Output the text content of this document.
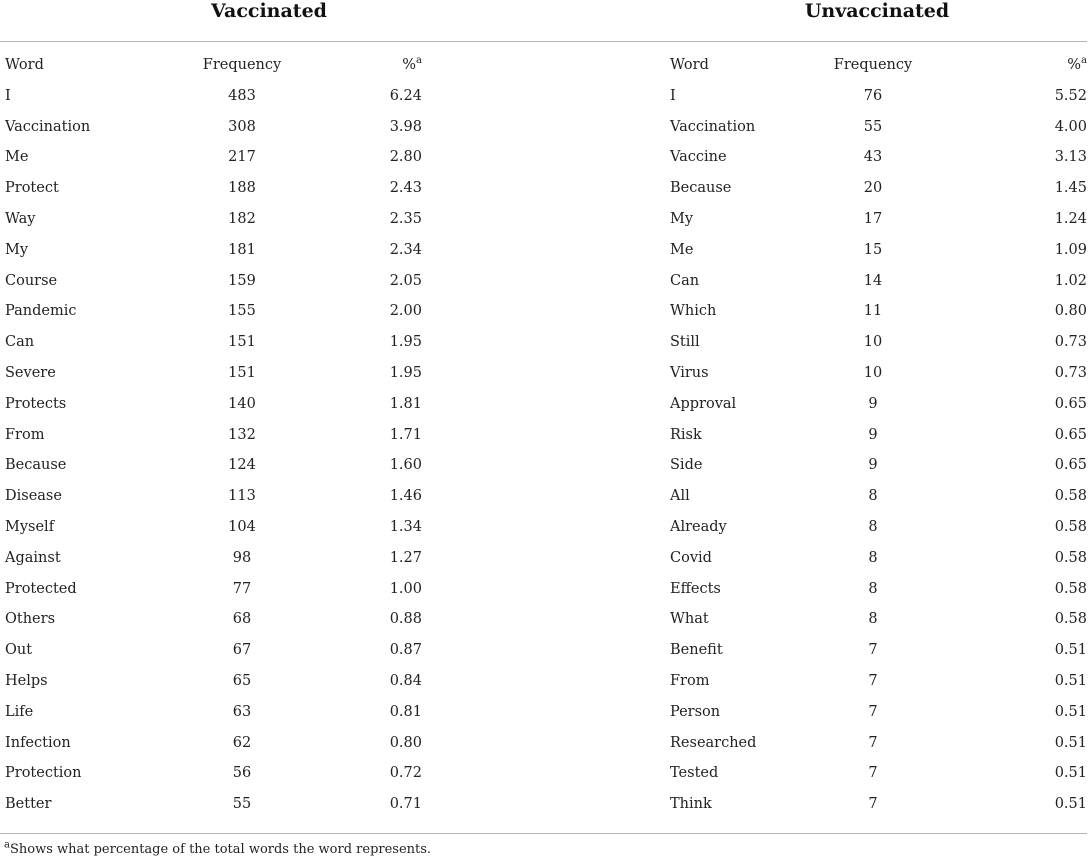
Vaccinated	Unvaccinated
Word	Frequency	%$^a$
I	483	6.24
Vaccination	308	3.98
Me	217	2.80
Protect	188	2.43
Way	182	2.35
My	181	2.34
Course	159	2.05
Pandemic	155	2.00
Can	151	1.95
Severe	151	1.95
Protects	140	1.81
From	132	1.71
Because	124	1.60
Disease	113	1.46
Myself	104	1.34
Against	98	1.27
Protected	77	1.00
Others	68	0.88
Out	67	0.87
Helps	65	0.84
Life	63	0.81
Infection	62	0.80
Protection	56	0.72
Better	55	0.71
Word	Frequency	%$^a$
I	76	5.52
Vaccination	55	4.00
Vaccine	43	3.13
Because	20	1.45
My	17	1.24
Me	15	1.09
Can	14	1.02
Which	11	0.80
Still	10	0.73
Virus	10	0.73
Approval	9	0.65
Risk	9	0.65
Side	9	0.65
All	8	0.58
Already	8	0.58
Covid	8	0.58
Effects	8	0.58
What	8	0.58
Benefit	7	0.51
From	7	0.51
Person	7	0.51
Researched	7	0.51
Tested	7	0.51
Think	7	0.51
$^a$Shows what percentage of the total words the word represents.
